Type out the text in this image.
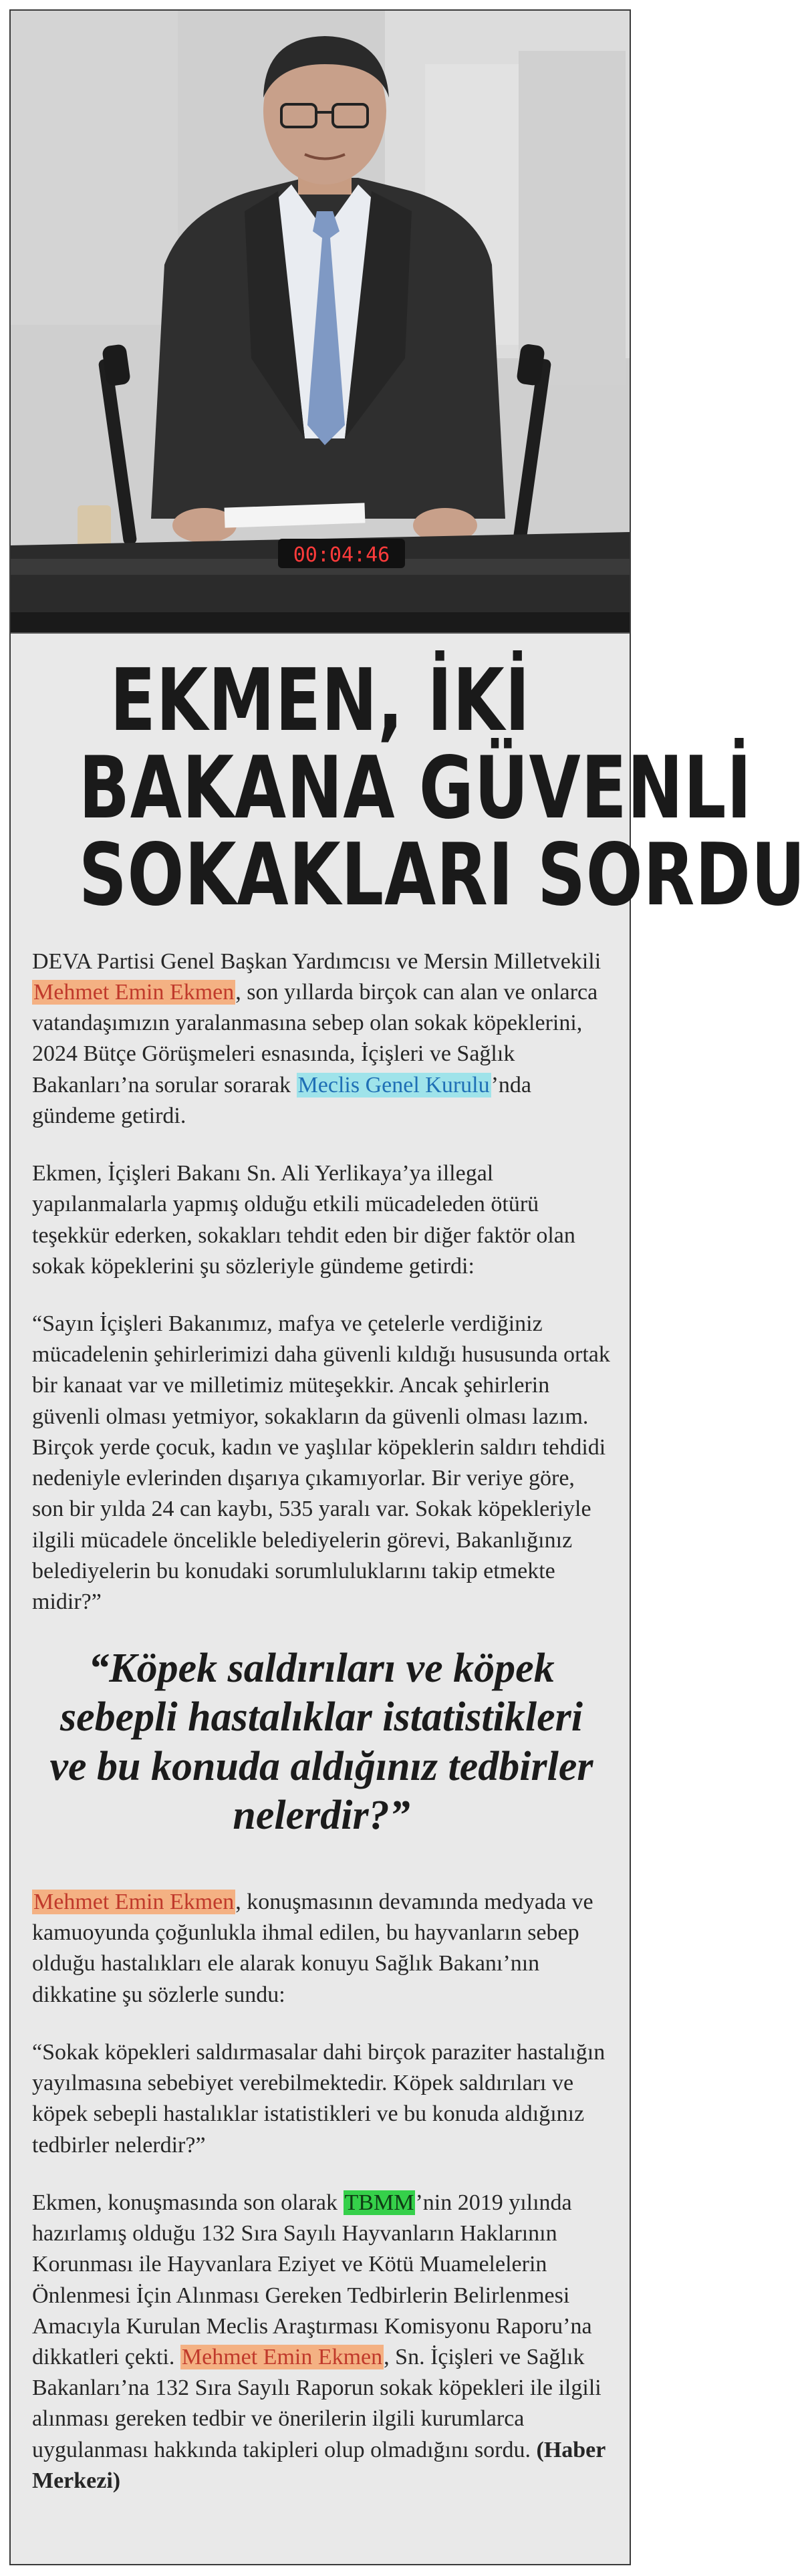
00:04:46
EKMEN, İKİ
BAKANA GÜVENLİ
SOKAKLARI SORDU

DEVA Partisi Genel Başkan Yardımcısı ve Mersin Milletvekili Mehmet Emin Ekmen, son yıllarda birçok can alan ve onlarca vatandaşımızın yaralanmasına sebep olan sokak köpeklerini, 2024 Bütçe Görüşmeleri esnasında, İçişleri ve Sağlık Bakanları’na sorular sorarak Meclis Genel Kurulu’nda gündeme getirdi.

Ekmen, İçişleri Bakanı Sn. Ali Yerlikaya’ya illegal yapılanmalarla yapmış olduğu etkili mücadeleden ötürü teşekkür ederken, sokakları tehdit eden bir diğer faktör olan sokak köpeklerini şu sözleriyle gündeme getirdi:

“Sayın İçişleri Bakanımız, mafya ve çetelerle verdiğiniz mücadelenin şehirlerimizi daha güvenli kıldığı hususunda ortak bir kanaat var ve milletimiz müteşekkir. Ancak şehirlerin güvenli olması yetmiyor, sokakların da güvenli olması lazım. Birçok yerde çocuk, kadın ve yaşlılar köpeklerin saldırı tehdidi nedeniyle evlerinden dışarıya çıkamıyorlar. Bir veriye göre, son bir yılda 24 can kaybı, 535 yaralı var. Sokak köpekleriyle ilgili mücadele öncelikle belediyelerin görevi, Bakanlığınız belediyelerin bu konudaki sorumluluklarını takip etmekte midir?”

“Köpek saldırıları ve köpek sebepli hastalıklar istatistikleri ve bu konuda aldığınız tedbirler nelerdir?”

Mehmet Emin Ekmen, konuşmasının devamında medyada ve kamuoyunda çoğunlukla ihmal edilen, bu hayvanların sebep olduğu hastalıkları ele alarak konuyu Sağlık Bakanı’nın dikkatine şu sözlerle sundu:

“Sokak köpekleri saldırmasalar dahi birçok paraziter hastalığın yayılmasına sebebiyet verebilmektedir. Köpek saldırıları ve köpek sebepli hastalıklar istatistikleri ve bu konuda aldığınız tedbirler nelerdir?”

Ekmen, konuşmasında son olarak TBMM’nin 2019 yılında hazırlamış olduğu 132 Sıra Sayılı Hayvanların Haklarının Korunması ile Hayvanlara Eziyet ve Kötü Muamelelerin Önlenmesi İçin Alınması Gereken Tedbirlerin Belirlenmesi Amacıyla Kurulan Meclis Araştırması Komisyonu Raporu’na dikkatleri çekti. Mehmet Emin Ekmen, Sn. İçişleri ve Sağlık Bakanları’na 132 Sıra Sayılı Raporun sokak köpekleri ile ilgili alınması gereken tedbir ve önerilerin ilgili kurumlarca uygulanması hakkında takipleri olup olmadığını sordu. (Haber Merkezi)
